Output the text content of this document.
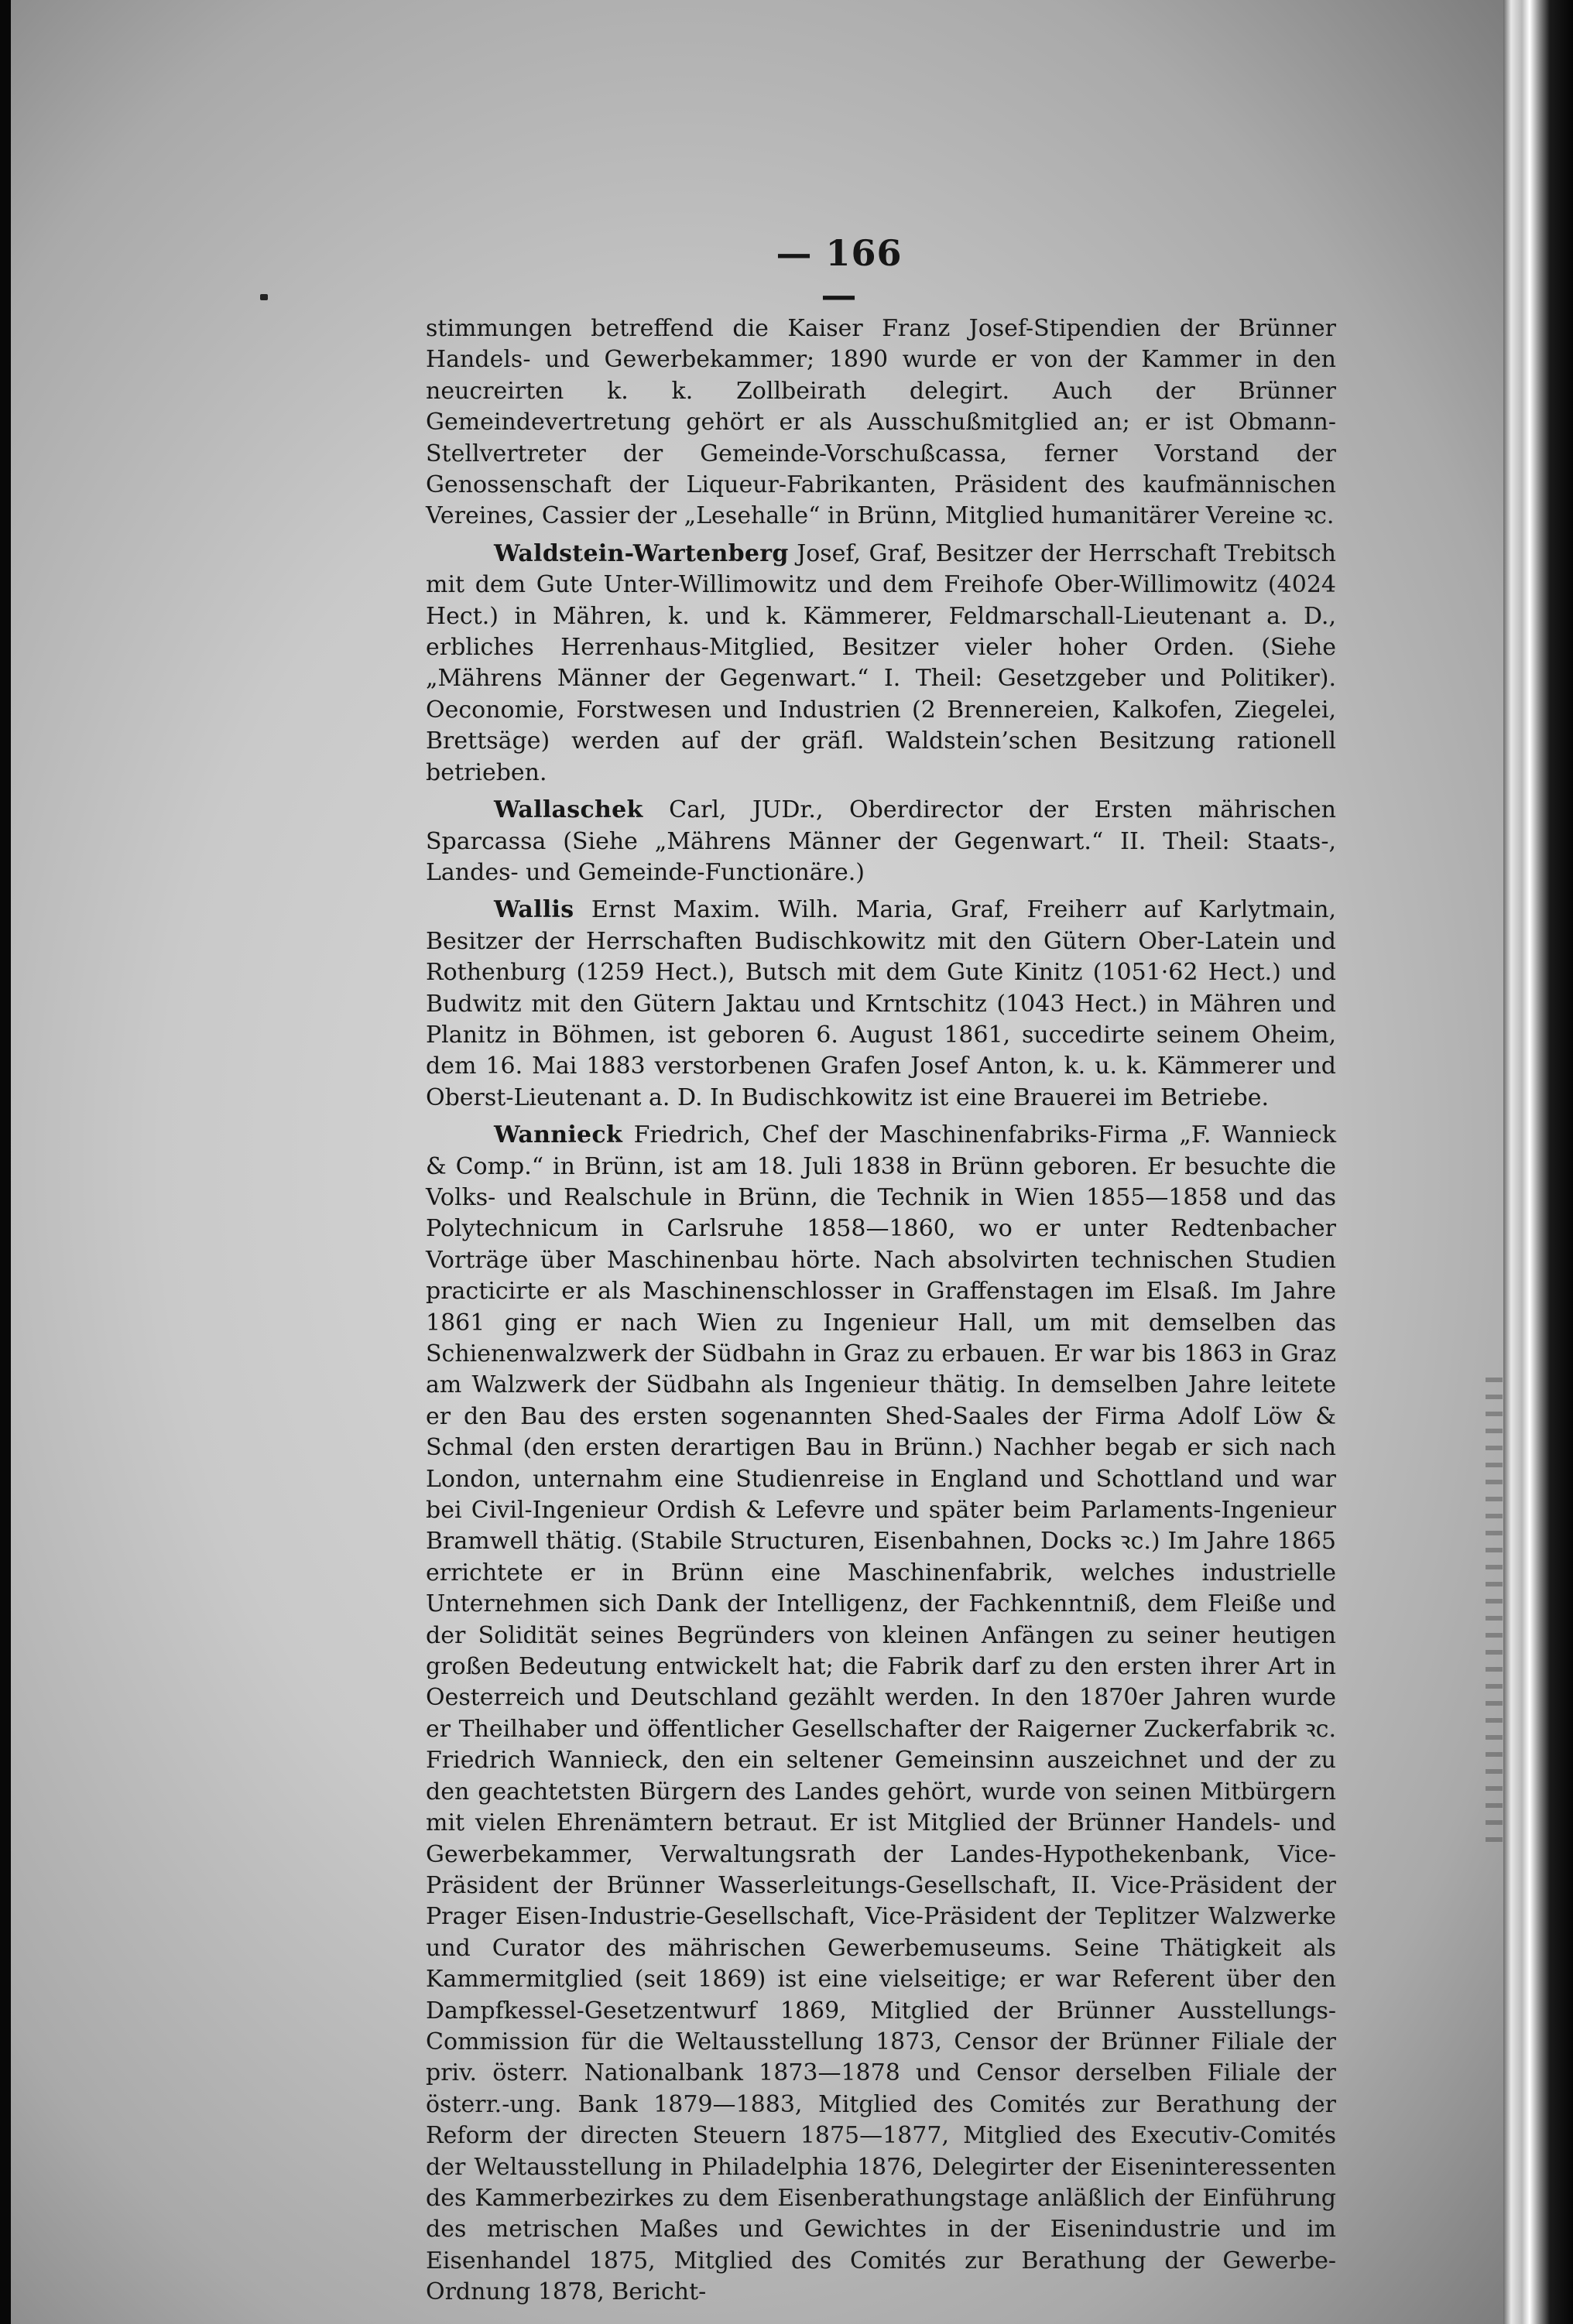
— 166 —

stimmungen betreffend die Kaiser Franz Josef-Stipendien der Brünner Handels- und Gewerbekammer; 1890 wurde er von der Kammer in den neucreirten k. k. Zollbeirath delegirt. Auch der Brünner Gemeindevertretung gehört er als Ausschußmitglied an; er ist Obmann-Stellvertreter der Gemeinde-Vorschußcassa, ferner Vorstand der Genossenschaft der Liqueur-Fabrikanten, Präsident des kaufmännischen Vereines, Cassier der „Lesehalle“ in Brünn, Mitglied humanitärer Vereine ꝛc.

Waldstein-Wartenberg Josef, Graf, Besitzer der Herrschaft Trebitsch mit dem Gute Unter-Willimowitz und dem Freihofe Ober-Willimowitz (4024 Hect.) in Mähren, k. und k. Kämmerer, Feldmarschall-Lieutenant a. D., erbliches Herrenhaus-Mitglied, Besitzer vieler hoher Orden. (Siehe „Mährens Männer der Gegenwart.“ I. Theil: Gesetzgeber und Politiker). Oeconomie, Forstwesen und Industrien (2 Brennereien, Kalkofen, Ziegelei, Brettsäge) werden auf der gräfl. Waldstein’schen Besitzung rationell betrieben.

Wallaschek Carl, JUDr., Oberdirector der Ersten mährischen Sparcassa (Siehe „Mährens Männer der Gegenwart.“ II. Theil: Staats-, Landes- und Gemeinde-Functionäre.)

Wallis Ernst Maxim. Wilh. Maria, Graf, Freiherr auf Karlytmain, Besitzer der Herrschaften Budischkowitz mit den Gütern Ober-Latein und Rothenburg (1259 Hect.), Butsch mit dem Gute Kinitz (1051·62 Hect.) und Budwitz mit den Gütern Jaktau und Krntschitz (1043 Hect.) in Mähren und Planitz in Böhmen, ist geboren 6. August 1861, succedirte seinem Oheim, dem 16. Mai 1883 verstorbenen Grafen Josef Anton, k. u. k. Kämmerer und Oberst-Lieutenant a. D. In Budischkowitz ist eine Brauerei im Betriebe.

Wannieck Friedrich, Chef der Maschinenfabriks-Firma „F. Wannieck & Comp.“ in Brünn, ist am 18. Juli 1838 in Brünn geboren. Er besuchte die Volks- und Realschule in Brünn, die Technik in Wien 1855—1858 und das Polytechnicum in Carlsruhe 1858—1860, wo er unter Redtenbacher Vorträge über Maschinenbau hörte. Nach absolvirten technischen Studien practicirte er als Maschinenschlosser in Graffenstagen im Elsaß. Im Jahre 1861 ging er nach Wien zu Ingenieur Hall, um mit demselben das Schienenwalzwerk der Südbahn in Graz zu erbauen. Er war bis 1863 in Graz am Walzwerk der Südbahn als Ingenieur thätig. In demselben Jahre leitete er den Bau des ersten sogenannten Shed-Saales der Firma Adolf Löw & Schmal (den ersten derartigen Bau in Brünn.) Nachher begab er sich nach London, unternahm eine Studienreise in England und Schottland und war bei Civil-Ingenieur Ordish & Lefevre und später beim Parlaments-Ingenieur Bramwell thätig. (Stabile Structuren, Eisenbahnen, Docks ꝛc.) Im Jahre 1865 errichtete er in Brünn eine Maschinenfabrik, welches industrielle Unternehmen sich Dank der Intelligenz, der Fachkenntniß, dem Fleiße und der Solidität seines Begründers von kleinen Anfängen zu seiner heutigen großen Bedeutung entwickelt hat; die Fabrik darf zu den ersten ihrer Art in Oesterreich und Deutschland gezählt werden. In den 1870er Jahren wurde er Theilhaber und öffentlicher Gesellschafter der Raigerner Zuckerfabrik ꝛc. Friedrich Wannieck, den ein seltener Gemeinsinn auszeichnet und der zu den geachtetsten Bürgern des Landes gehört, wurde von seinen Mitbürgern mit vielen Ehrenämtern betraut. Er ist Mitglied der Brünner Handels- und Gewerbekammer, Verwaltungsrath der Landes-Hypothekenbank, Vice-Präsident der Brünner Wasserleitungs-Gesellschaft, II. Vice-Präsident der Prager Eisen-Industrie-Gesellschaft, Vice-Präsident der Teplitzer Walzwerke und Curator des mährischen Gewerbemuseums. Seine Thätigkeit als Kammermitglied (seit 1869) ist eine vielseitige; er war Referent über den Dampfkessel-Gesetzentwurf 1869, Mitglied der Brünner Ausstellungs-Commission für die Weltausstellung 1873, Censor der Brünner Filiale der priv. österr. Nationalbank 1873—1878 und Censor derselben Filiale der österr.-ung. Bank 1879—1883, Mitglied des Comités zur Berathung der Reform der directen Steuern 1875—1877, Mitglied des Executiv-Comités der Weltausstellung in Philadelphia 1876, Delegirter der Eiseninteressenten des Kammerbezirkes zu dem Eisenberathungstage anläßlich der Einführung des metrischen Maßes und Gewichtes in der Eisenindustrie und im Eisenhandel 1875, Mitglied des Comités zur Berathung der Gewerbe-Ordnung 1878, Bericht-
